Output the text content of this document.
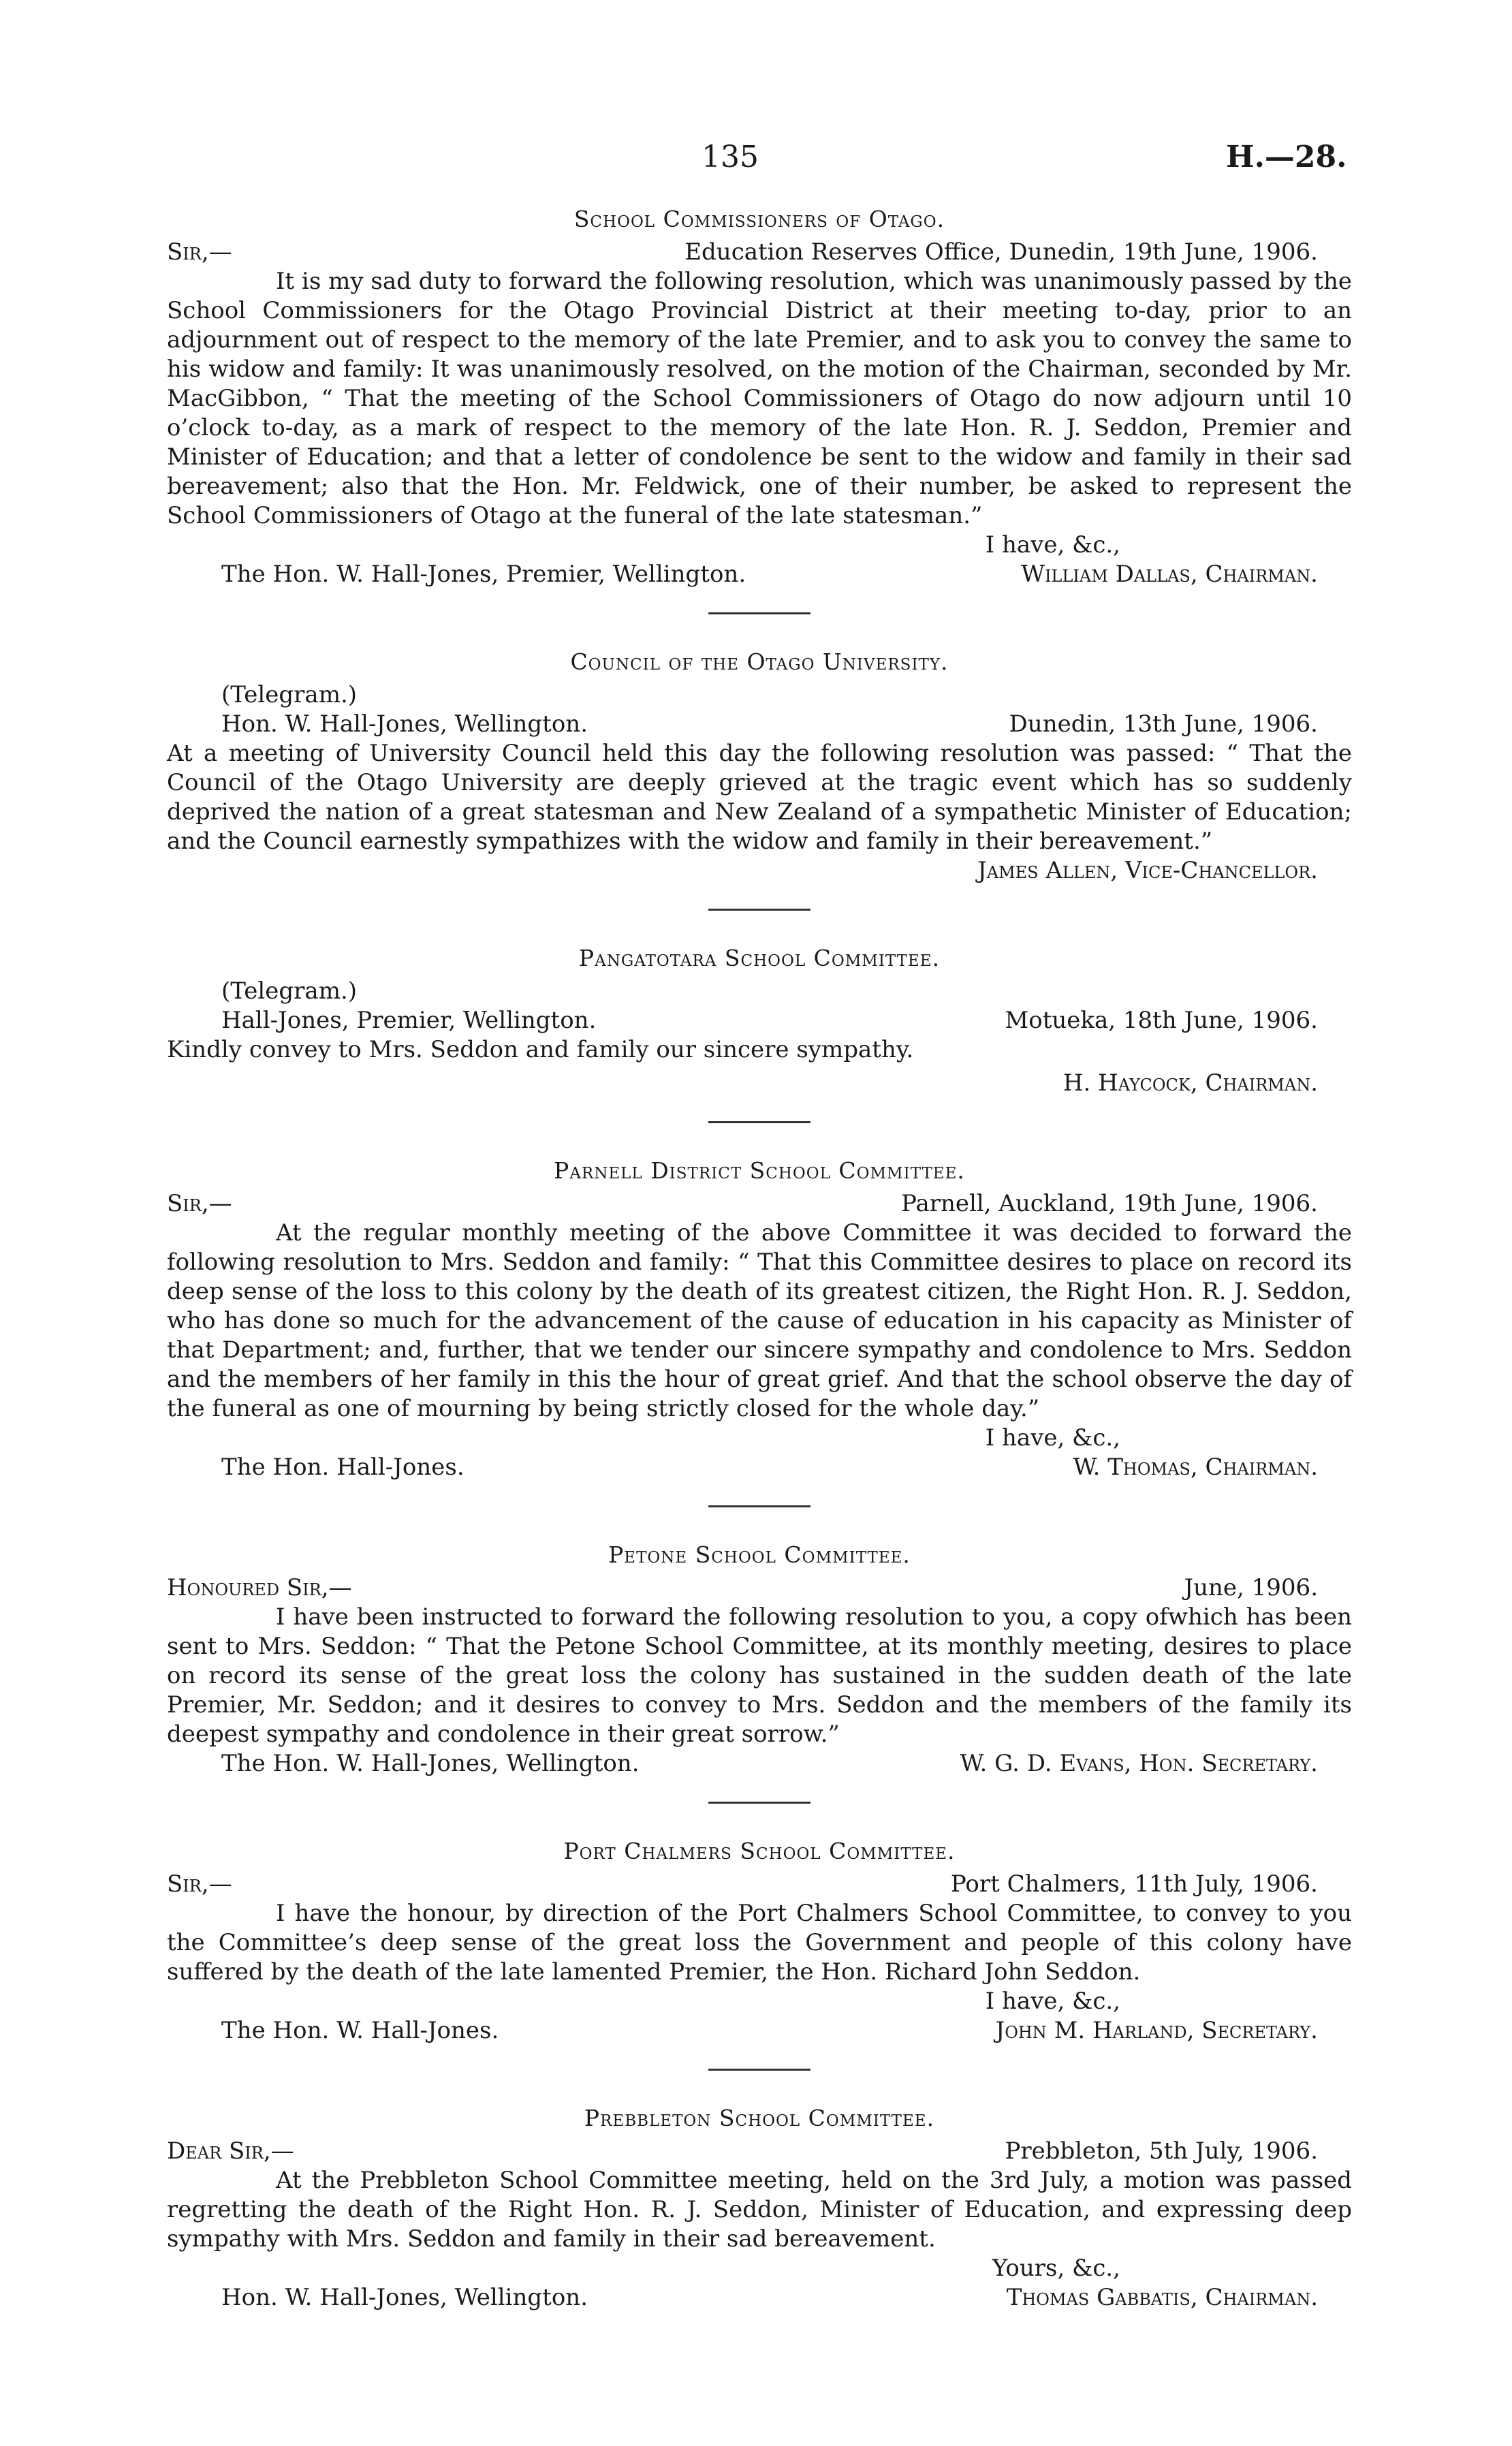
135	H.—28.
School Commissioners of Otago.
Sir,—	Education Reserves Office, Dunedin, 19th June, 1906.

It is my sad duty to forward the following resolution, which was unanimously passed by the School Commissioners for the Otago Provincial District at their meeting to-day, prior to an adjournment out of respect to the memory of the late Premier, and to ask you to convey the same to his widow and family: It was unanimously resolved, on the motion of the Chairman, seconded by Mr. MacGibbon, “ That the meeting of the School Commissioners of Otago do now adjourn until 10 o’clock to-day, as a mark of respect to the memory of the late Hon. R. J. Seddon, Premier and Minister of Education; and that a letter of condolence be sent to the widow and family in their sad bereavement; also that the Hon. Mr. Feldwick, one of their number, be asked to represent the School Commissioners of Otago at the funeral of the late statesman.”

I have, &c.,
The Hon. W. Hall-Jones, Premier, Wellington.	William Dallas, Chairman.
Council of the Otago University.
(Telegram.)
Hon. W. Hall-Jones, Wellington.	Dunedin, 13th June, 1906.

At a meeting of University Council held this day the following resolution was passed: “ That the Council of the Otago University are deeply grieved at the tragic event which has so suddenly deprived the nation of a great statesman and New Zealand of a sympathetic Minister of Education; and the Council earnestly sympathizes with the widow and family in their bereavement.”

James Allen, Vice-Chancellor.
Pangatotara School Committee.
(Telegram.)
Hall-Jones, Premier, Wellington.	Motueka, 18th June, 1906.

Kindly convey to Mrs. Seddon and family our sincere sympathy.

H. Haycock, Chairman.
Parnell District School Committee.
Sir,—	Parnell, Auckland, 19th June, 1906.

At the regular monthly meeting of the above Committee it was decided to forward the following resolution to Mrs. Seddon and family: “ That this Committee desires to place on record its deep sense of the loss to this colony by the death of its greatest citizen, the Right Hon. R. J. Seddon, who has done so much for the advancement of the cause of education in his capacity as Minister of that Department; and, further, that we tender our sincere sympathy and condolence to Mrs. Seddon and the members of her family in this the hour of great grief. And that the school observe the day of the funeral as one of mourning by being strictly closed for the whole day.”

I have, &c.,
The Hon. Hall-Jones.	W. Thomas, Chairman.
Petone School Committee.
Honoured Sir,—	June, 1906.

I have been instructed to forward the following resolution to you, a copy ofwhich has been sent to Mrs. Seddon: “ That the Petone School Committee, at its monthly meeting, desires to place on record its sense of the great loss the colony has sustained in the sudden death of the late Premier, Mr. Seddon; and it desires to convey to Mrs. Seddon and the members of the family its deepest sympathy and condolence in their great sorrow.”

The Hon. W. Hall-Jones, Wellington.	W. G. D. Evans, Hon. Secretary.
Port Chalmers School Committee.
Sir,—	Port Chalmers, 11th July, 1906.

I have the honour, by direction of the Port Chalmers School Committee, to convey to you the Committee’s deep sense of the great loss the Government and people of this colony have suffered by the death of the late lamented Premier, the Hon. Richard John Seddon.

I have, &c.,
The Hon. W. Hall-Jones.	John M. Harland, Secretary.
Prebbleton School Committee.
Dear Sir,—	Prebbleton, 5th July, 1906.

At the Prebbleton School Committee meeting, held on the 3rd July, a motion was passed regretting the death of the Right Hon. R. J. Seddon, Minister of Education, and expressing deep sympathy with Mrs. Seddon and family in their sad bereavement.

Yours, &c.,
Hon. W. Hall-Jones, Wellington.	Thomas Gabbatis, Chairman.
